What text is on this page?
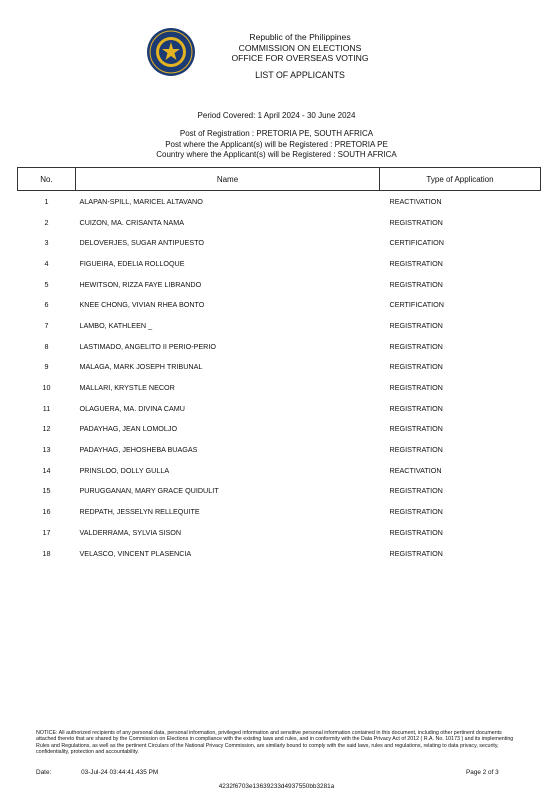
Republic of the Philippines
COMMISSION ON ELECTIONS
OFFICE FOR OVERSEAS VOTING
LIST OF APPLICANTS
Period Covered: 1 April 2024 - 30 June 2024
Post of Registration : PRETORIA PE, SOUTH AFRICA
Post where the Applicant(s) will be Registered : PRETORIA PE
Country where the Applicant(s) will be Registered : SOUTH AFRICA
No.	Name	Type of Application
1	ALAPAN-SPILL, MARICEL ALTAVANO	REACTIVATION
2	CUIZON, MA. CRISANTA NAMA	REGISTRATION
3	DELOVERJES, SUGAR ANTIPUESTO	CERTIFICATION
4	FIGUEIRA, EDELIA ROLLOQUE	REGISTRATION
5	HEWITSON, RIZZA FAYE LIBRANDO	REGISTRATION
6	KNEE CHONG, VIVIAN RHEA BONTO	CERTIFICATION
7	LAMBO, KATHLEEN _	REGISTRATION
8	LASTIMADO, ANGELITO II PERIO-PERIO	REGISTRATION
9	MALAGA, MARK JOSEPH TRIBUNAL	REGISTRATION
10	MALLARI, KRYSTLE NECOR	REGISTRATION
11	OLAGUERA, MA. DIVINA CAMU	REGISTRATION
12	PADAYHAG, JEAN LOMOLJO	REGISTRATION
13	PADAYHAG, JEHOSHEBA BUAGAS	REGISTRATION
14	PRINSLOO, DOLLY GULLA	REACTIVATION
15	PURUGGANAN, MARY GRACE QUIDULIT	REGISTRATION
16	REDPATH, JESSELYN RELLEQUITE	REGISTRATION
17	VALDERRAMA, SYLVIA SISON	REGISTRATION
18	VELASCO, VINCENT PLASENCIA	REGISTRATION
NOTICE: All authorized recipients of any personal data, personal information, privileged information and sensitive personal information contained in this document, including other pertinent documents attached thereto that are shared by the Commission on Elections in compliance with the existing laws and rules, and in conformity with the Data Privacy Act of 2012 ( R.A. No. 10173 ) and its implementing Rules and Regulations, as well as the pertinent Circulars of the National Privacy Commission, are similarly bound to comply with the said laws, rules and regulations, relating to data privacy, security, confidentiality, protection and accountability.
Date:	03-Jul-24 03:44:41.435 PM	Page 2 of 3
4232f6703e13639233d4937550bb3281a
